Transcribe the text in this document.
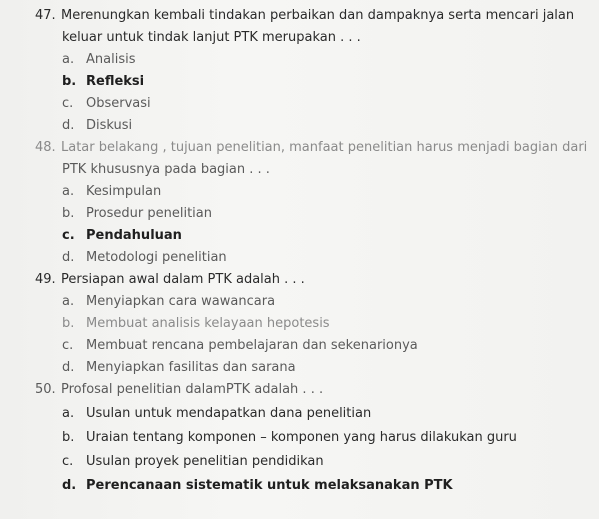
47. Merenungkan kembali tindakan perbaikan dan dampaknya serta mencari jalan
keluar untuk tindak lanjut PTK merupakan . . .
a. Analisis
b. Refleksi
c. Observasi
d. Diskusi
48. Latar belakang , tujuan penelitian, manfaat penelitian harus menjadi bagian dari
PTK khususnya pada bagian . . .
a. Kesimpulan
b. Prosedur penelitian
c. Pendahuluan
d. Metodologi penelitian
49. Persiapan awal dalam PTK adalah . . .
a. Menyiapkan cara wawancara
b. Membuat analisis kelayaan hepotesis
c. Membuat rencana pembelajaran dan sekenarionya
d. Menyiapkan fasilitas dan sarana
50. Profosal penelitian dalamPTK adalah . . .
a. Usulan untuk mendapatkan dana penelitian
b. Uraian tentang komponen – komponen yang harus dilakukan guru
c. Usulan proyek penelitian pendidikan
d. Perencanaan sistematik untuk melaksanakan PTK
